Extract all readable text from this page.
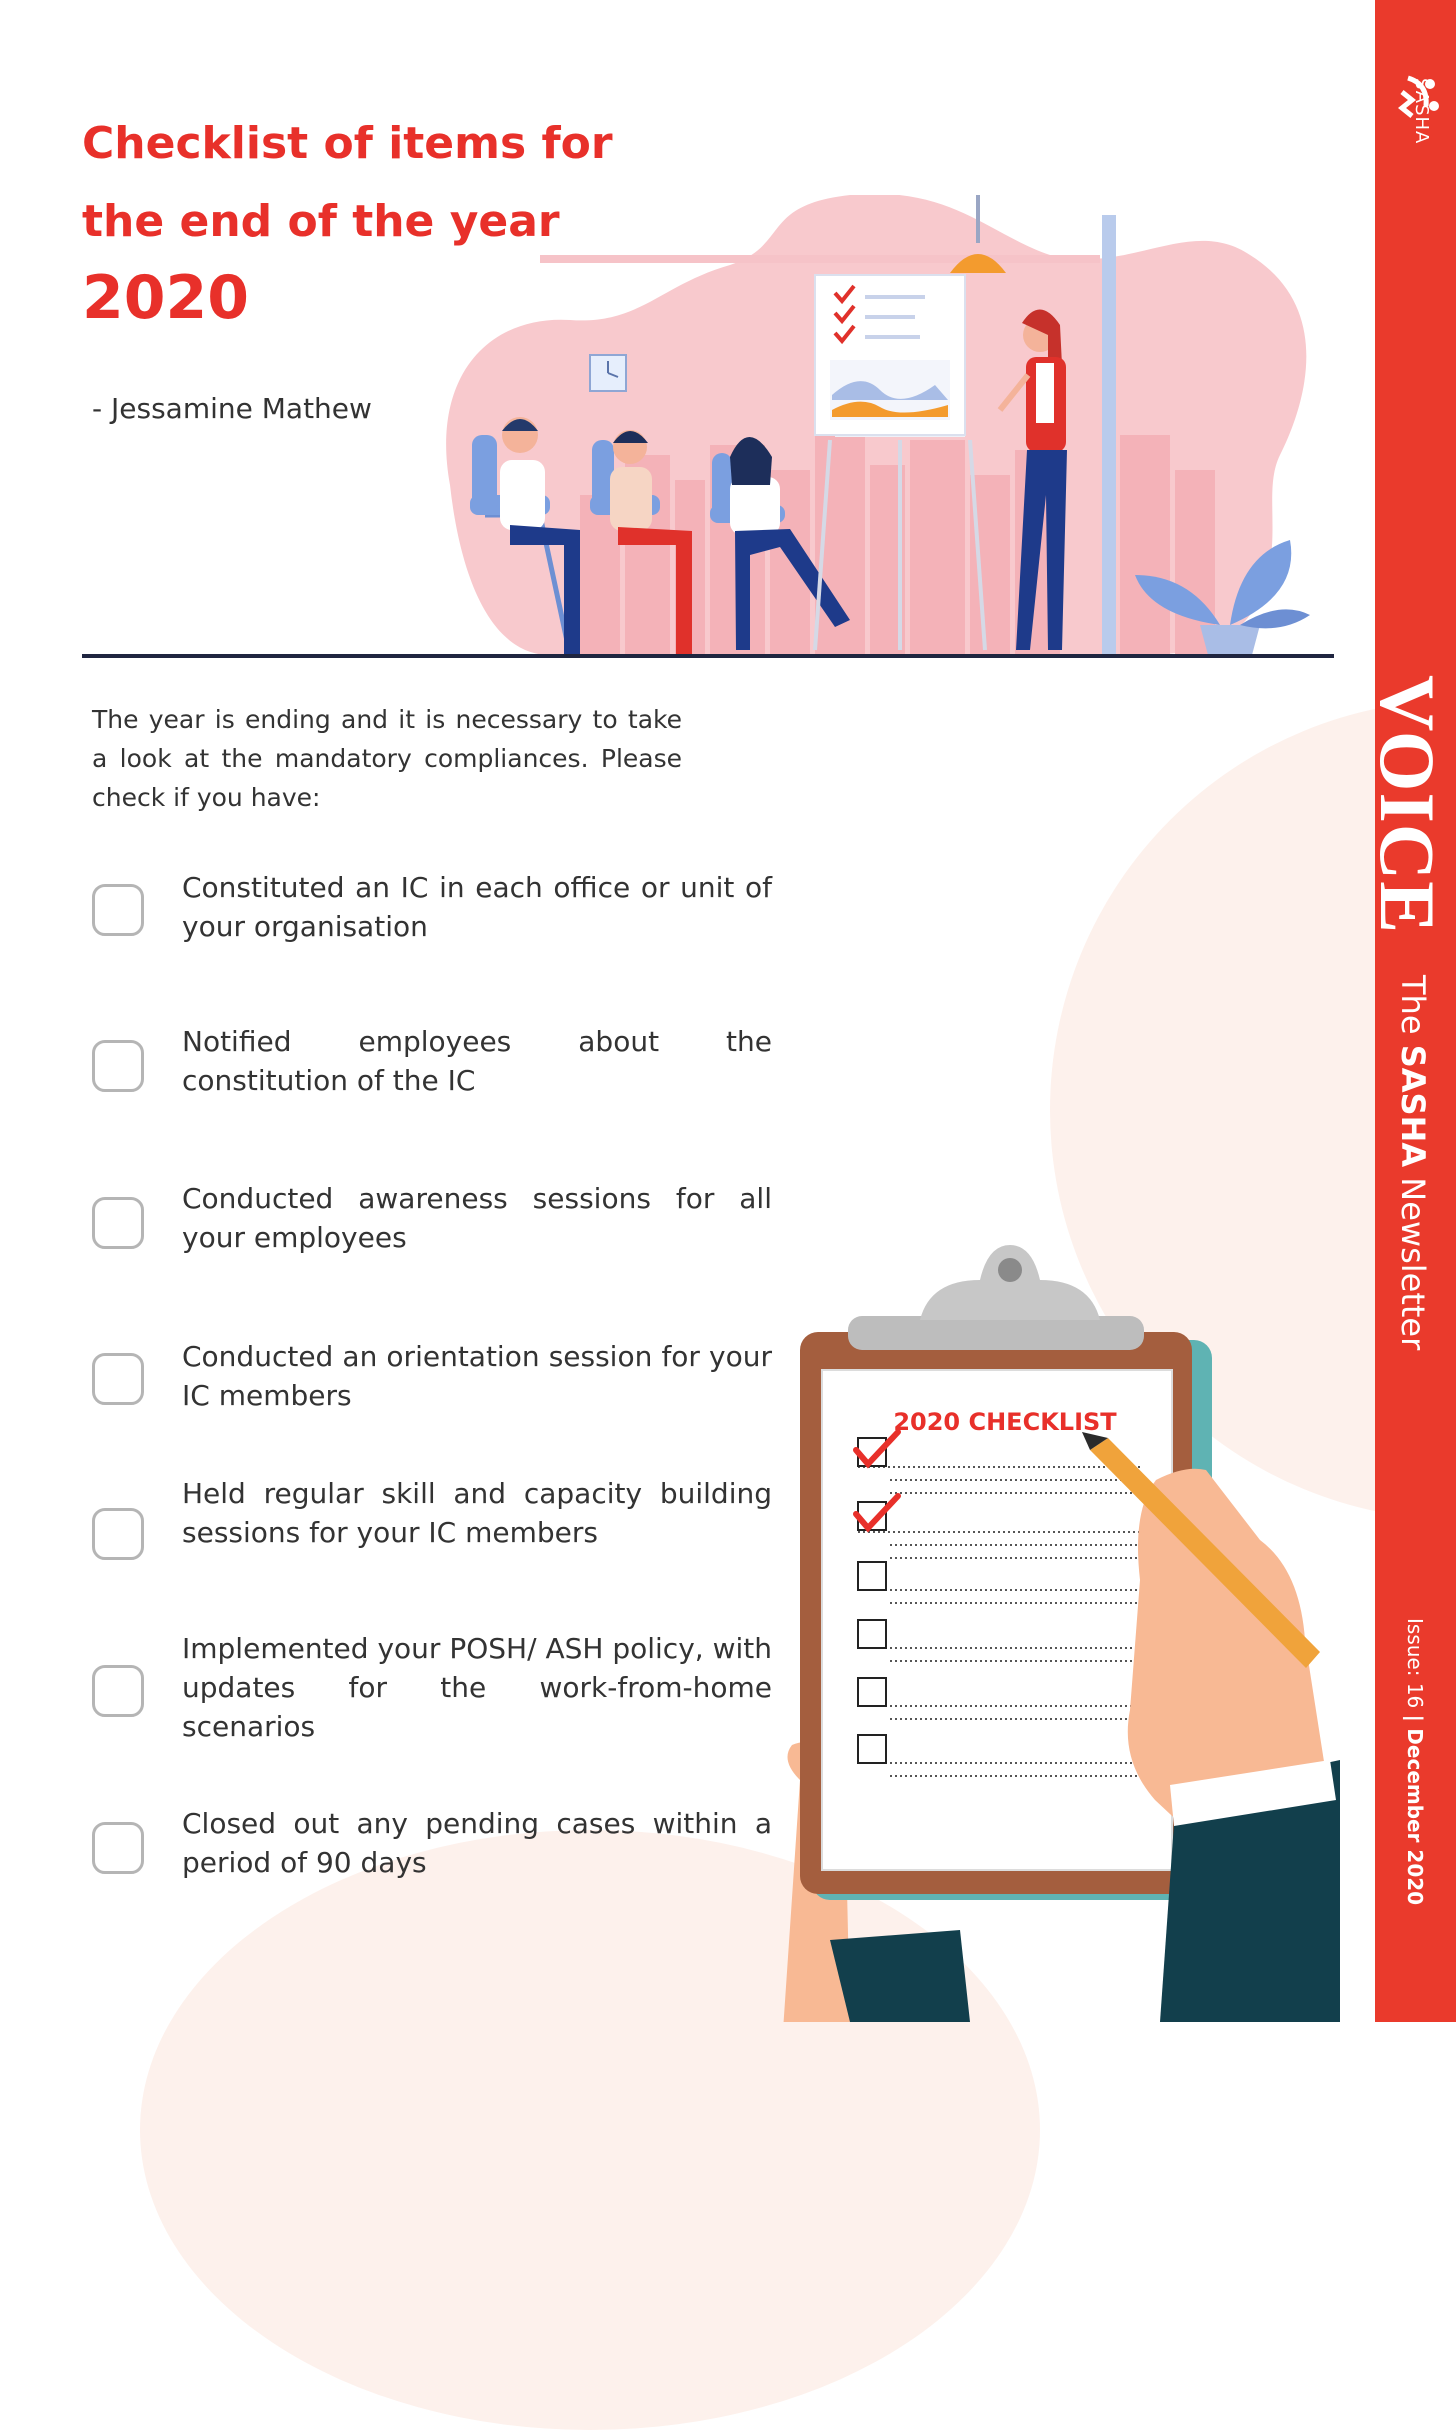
Checklist of items for
the end of the year
2020
- Jessamine Mathew

The year is ending and it is necessary to take a look at the mandatory compliances. Please check if you have:

Constituted an IC in each office or unit of your organisation
Notified employees about the constitution of the IC
Conducted awareness sessions for all your employees
Conducted an orientation session for your IC members
Held regular skill and capacity building sessions for your IC members
Implemented your POSH/ ASH policy, with updates for the work-from-home scenarios
Closed out any pending cases within a period of 90 days
2020 CHECKLIST
SASHA
VOICE
The SASHA Newsletter
Issue: 16 | December 2020
